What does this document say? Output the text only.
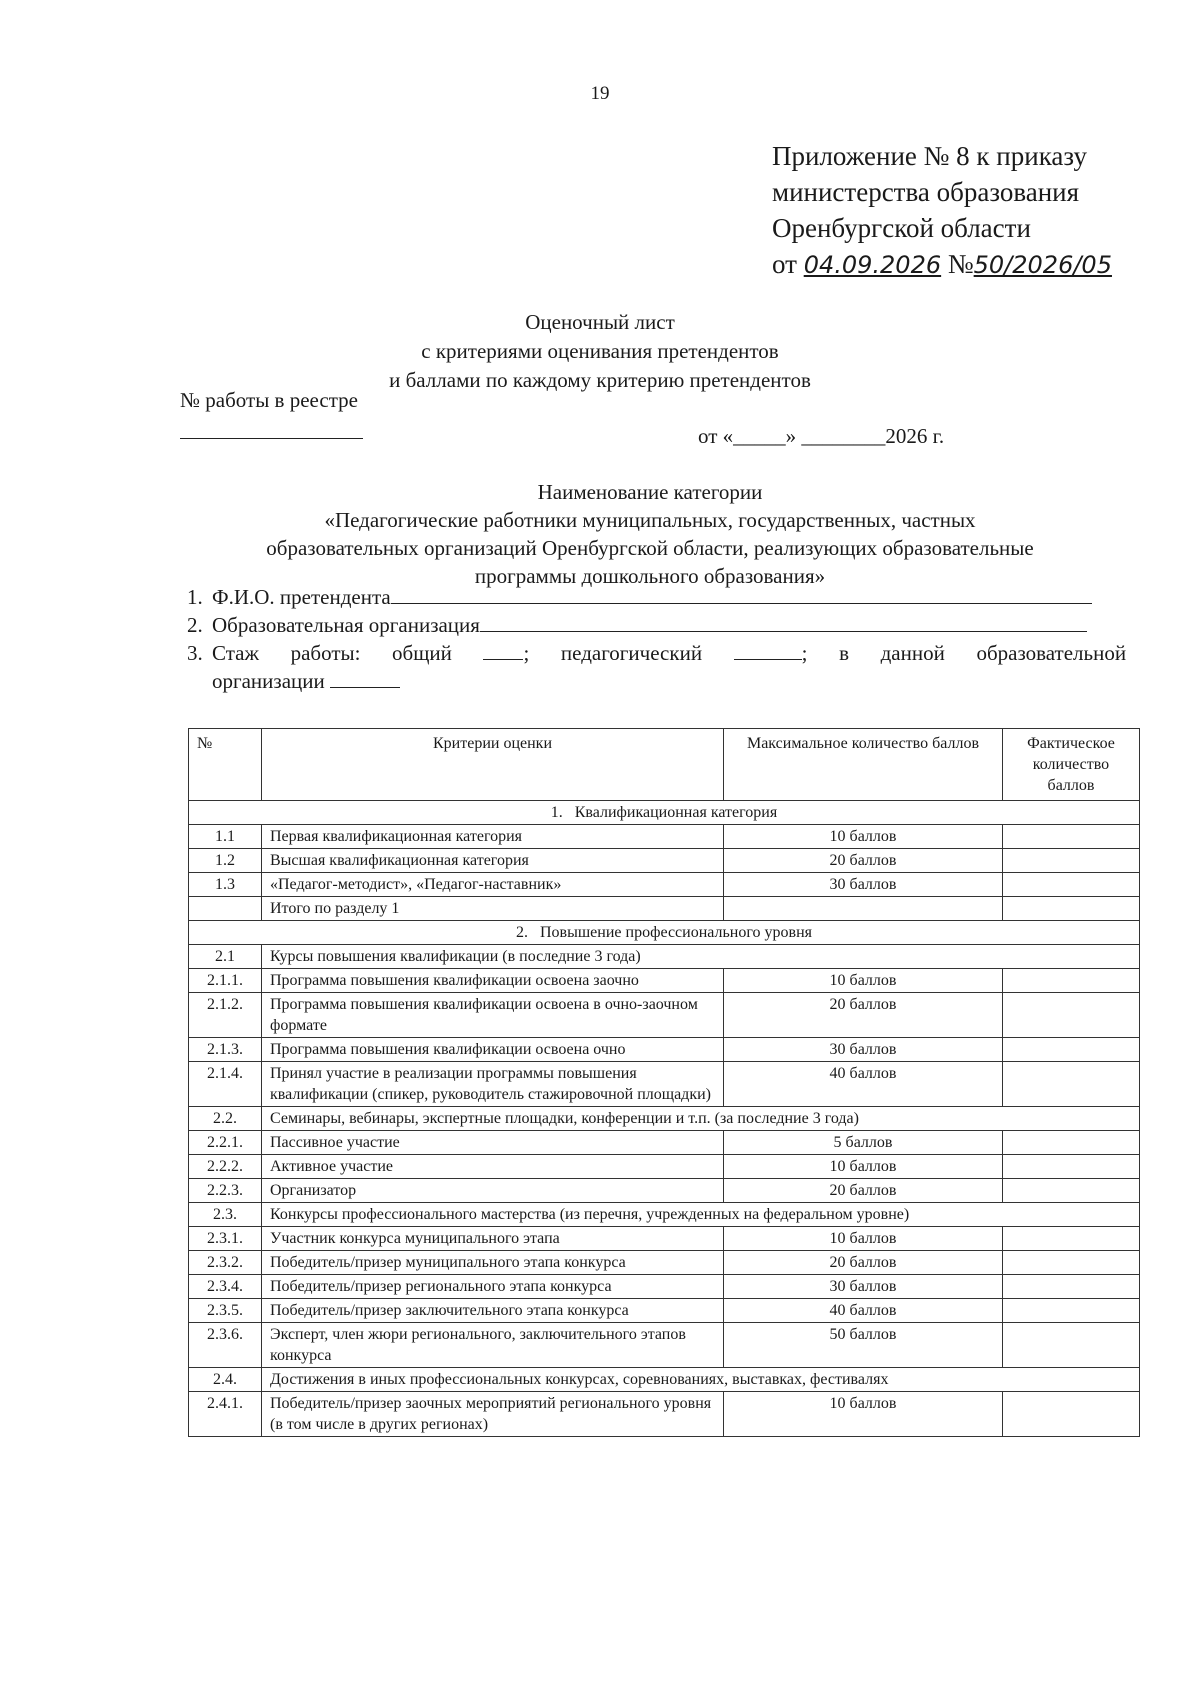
19
Приложение № 8 к приказу
министерства образования
Оренбургской области
от 04.09.2026 №50/2026/05
Оценочный лист
с критериями оценивания претендентов
и баллами по каждому критерию претендентов
№ работы в реестре
от «_____» ________2026 г.
Наименование категории
«Педагогические работники муниципальных, государственных, частных
образовательных организаций Оренбургской области, реализующих образовательные
программы дошкольного образования»
1. Ф.И.О. претендента
2. Образовательная организация
3. Стаж работы: общий	; педагогический	; в данной образовательной
организации
№	Критерии оценки	Максимальное количество баллов	Фактическое количество баллов
1.   Квалификационная категория			
1.1	Первая квалификационная категория	10 баллов	
1.2	Высшая квалификационная категория	20 баллов	
1.3	«Педагог-методист», «Педагог-наставник»	30 баллов	
	Итого по разделу 1		
2.   Повышение профессионального уровня			
2.1	Курсы повышения квалификации (в последние 3 года)		
2.1.1.	Программа повышения квалификации освоена заочно	10 баллов	
2.1.2.	Программа повышения квалификации освоена в очно-заочном формате	20 баллов	
2.1.3.	Программа повышения квалификации освоена очно	30 баллов	
2.1.4.	Принял участие в реализации программы повышения квалификации (спикер, руководитель стажировочной площадки)	40 баллов	
2.2.	Семинары, вебинары, экспертные площадки, конференции и т.п. (за последние 3 года)		
2.2.1.	Пассивное участие	5 баллов	
2.2.2.	Активное участие	10 баллов	
2.2.3.	Организатор	20 баллов	
2.3.	Конкурсы профессионального мастерства (из перечня, учрежденных на федеральном уровне)		
2.3.1.	Участник конкурса муниципального этапа	10 баллов	
2.3.2.	Победитель/призер муниципального этапа конкурса	20 баллов	
2.3.4.	Победитель/призер регионального этапа конкурса	30 баллов	
2.3.5.	Победитель/призер заключительного этапа конкурса	40 баллов	
2.3.6.	Эксперт, член жюри регионального, заключительного этапов конкурса	50 баллов	
2.4.	Достижения в иных профессиональных конкурсах, соревнованиях, выставках, фестивалях		
2.4.1.	Победитель/призер заочных мероприятий регионального уровня (в том числе в других регионах)	10 баллов	
